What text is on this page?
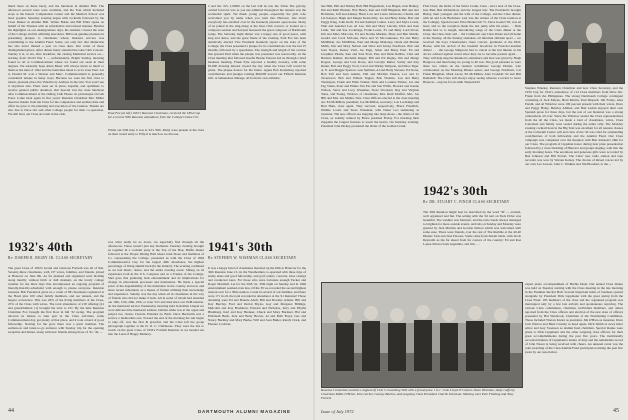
much more on these later), and the luncheon in Alumni Hall. The afternoon several tours were available, and the Tour which included stops at the Kiewit Computation Center and the Medical School was most popular. Saturday evening began with cocktails followed by the Class Dinner in Alumni Hall. Walter Burke and Bill Elliot spoke on behalf of the Trustees with an informative and relaxed manner. Besides his highlights on our undergraduate days, his remarks covered the state of the College and his admiring anecdotes. Bill took genuine pleasure in presenting plaques to classmates whose business success was contributing to the Alumni Fund. Some, our only fact that distinction has also never missed a year on class dues. Our roster of those distinguished givers. After dinner many attended the Glee Club Concert. Sunday it is, at ten, after breakfast, the closing Memorial service on—starting from World War I — unfortunately. Bright Sunday morning found us all at Commencement where we found our seats in their degrees. We earnestly hope Allen Bauer will always mean as much to them as the men of 1922 and the festivities mean to us in even Paul. Let it, Donald M. won a Weston and Marc. Commencement is generally considered unique in many ways. Because we were the first class to return, pleasant place the Valedictory Address in the tent. You won't see it anywhere else. Plans were set in place, hopeful, and optimistic to receive general public attention. Our Special was the class luncheon after Commencement at the Outing Club House on picturesque Occom Pond. Come back again in five years! Reunion Chairman Mac Miller deserves thanks from the Class for the competence and endless time and effort he gave to the planning and execution of the reunion. Thanks are also due to Dave Orr and other College people for their co-operation. We still have our Class Account in the cash.	Paul Fox (at left) 1932's Reunion Chairman, received the 1894 Cup for a record 50th Reunion attendance from the College's Dave Orr.
While our 50th may it was at '22's 50th. Many were present at the class on their award entry to Fifty-6 at much as we did one.
2 and the '22's 1,000th on the last will be ten; the '22nd. The gravity, carried forward, was as you use admitted throughout the reunion was the wonderful spirit. We thank young people—especially the girls who welcomed you by name when you went into Hanover. Just about everybody has enrolled over in the Kennedy pleasant open house. Many of us joined in the sing-along at the Glee Club concert, or looked on a composer session and had just honoured the great composer of Dartmouth songs. The Saturday night dinner was a happy one of good peace, with sing and dance, and the great finale of the evening. Paul Fox has been tentatively elected Vice President Kennedy report on the state of the College; the Class presented a plaque for its contributions over the last 25 months, followed by a speechless. The strength and length of the ovation that greeted Paul when the plaque was presented was noteworthy. At the Class meeting that followed Keefer Bernie Parsons led us through a brief business meeting. Frank Pyle reported a healthy treasury, with some $5,000 drawing interest toward the day when the Class Gift would be given. The plaque honors for the future. Agnes Bob Kolenberg reported contributions and pledges totaling $60,000 toward our Fiftieth Reunion Gift. A tremendous mileage, all from his own estimate.
1932's 40th
By JOSEPH R. BIGBY JR. CLASS SECRETARY
The great Class of 1932's Grand and Glorious Fortieth was all of that. Seventy-three classmates, with 137 wives, families, and friends, joined at Hanover on June 9th. As far planned and organized well. Rolling along merrily without hitch or dull moment, on the lovely college weather for the three days that encompassed an ongoing program of literally-literally-scheduled with enough to please everyone. Reunion treasurer Bob Fenderick gives us a count of 88 classmates registered at the Hotel plus 100 other family members, and our tenants, and the largest occurrence. This was 26% of the living members of the Class, 25% of the Class with wives. The total attendance of 218 offering (41 and grandchildren 11) brought the total to 231. By the time Reunion Chairman Fox brought the first Row in full '32 swing. The program allowed us leisure to take part in the Class activities, some Commencement day, get plenty of that place, and it took a hand of good fellowship. Starting for the goal, there was a great tradition. The earliest-on and latest-to-go entrance with Sunday trip for the opening reception and dinner, along with new friends among those of '41, '42, ...
was what really let us down, we especially fled through all the afternoons. Those weren't just any moments. Tuesday evening brought us together in a cocktail party at the Top of the Hop. Buffet dinner followed at the Thayer Dining Hall where John Sloan and members of Co. representing the College, presented us with the Class of 1894 Commemorative Cup for the largest 40th attendance, the highest percentage of living alumni back (in the ladder!). The evening continued as we had music, dance, and the entire evening event. Sitting on its experience both in the U.S. Congress and as a Trustee of the College, Shel gave this gathering both entertainment and its implications for change in educational processes and institutions. He made a special point of the dependability of the institution in the country and now and more recent retirement, as a means of further utilizing their knowledge and experience. Sunday was the day when all in classmates in the way of friends who did not make it back. All in some of whom had attended our 10th, 15th, 20th, 25th, or even '52's and died since our 1948 reunion. At the memorial service Wednesday morning held in Rollins Chapel we were delivered the memorial address. Debbie Alma was at the organ and played two chorus Chorale Preludes by Bach. Dave Beckwith was a service a memorable one. Toward the end of the morning the sun began to take off, was the first & graceful, and the Class left the group photograph together at the D. O. C. Clubhouse. They were the last to watch on the great Class of 1932's Fortieth Reunion as we headed out into the Land of Happy Memory.
1941's 30th
By STEPHEN W. WISEMAN CLASS SECRETARY
It was a happy band of classmates marched up the hills to Hanover for the 30th Reunion June 13-14, the Weathermen co-operated with three days of sunny skies and good fellowship, and golf, tennis, concerts, Glee casings and conducted tours. For those who were fortunate enough Tucker and Roger Marshall. Let for the 50th '41, 30th night on Sunday and in 1946 entertainment seemed even less. Of the 30 we recorded the second highest turnout ever for a 30th reunion. Count in several of our families, and there were 171 in all, the total recorded in attendance at the '41 Reunion! Those attending were Ed and Bonnie Abell, Bill and Dorothy Adams. Bill and Kay Barclay, Fred and Decial Bryan, Gay and Margaret Billings, Malcolm and Kay Bradshaw, Edward and Nicholas, Jerry and Phyllis Blumberg, Karl and Kay Brenner, Chuck and Mary Buckner, Hal and Elizabeth Bush, Jack and Betty Brown, Al and Beth Boyd, Gus and Nancy Buckley and Mary Burke, Will and Joan Butler, Randy Clark, and Eleanor Cochran.
44	DARTMOUTH ALUMNI MAGAZINE
bus Hall, Phil and Shirley Hall, Bill Hagenbach, Lou Hagen, Jack Hanley, Jim and Ruth Hackett, Bob Henry, Ken and Cliff Hilgehan, Bill and Ava Holtzman, Jeff and Ainsley Hurd, Lew and Laura Johnstone, Charlie and Liz Kenyon. Hugh and Megan Kenworthy, Joe and Betty Kline, Bob and Peggy Klug, John Kraft, Ed and Kathryn Lamar, Larry and Myra Lewis, Walt and Annabel Lee, Al Lee, Jim and Mary Lincoln, Dick and Jean Little, Ted and Sue Lockridge, Frank Lewis, Ev and Betty Lord-Wood, Jim and Mary Marcotte, Ed and Norma Marinie, Mary and Ben Martin, Gerald and Carol McLane, Dave and Vi Mc-Guinness, Ed and Betty McMillan, Joe McMillan, Paul and Marge Mahoney, Ozzie and Marnie Millis, Jim and Mary Nelson and Dave and Ginny Nordhorn. Bob and Jean Noyes, Kenny Viall, Joe Page, Saber and Betsy Paul, Ed and Jacquline Pirelle, Ken and Sara Pratt, Pete and Dede Rabble, Chal and Barbara Rahner, Rochelle Riegel, Bill and Pat Rigley, Jim and Marge Rogers, George and Lois Rowe, and Carolyn Rutter, Scully and Kay Rutter, Bob and Peggy Scott, Carol and Shirley Simpson, and Dave Tiger. A. E. and Maggie Spencer, Gus Spilman, Al and Betty Stevens, Ed Stone, Bob Taft and Jean Adams, Tim and Marilyn Takeve, Les and Jo Tavernacci. Bob and Winnie Tupper, Bob Thomas, Lou and Betty Thompson, Frank and Ellen Trainer, Dick and Lorraine Tinsler, Joe and Peg Vokin, Peter and Emma Van Ess and Sue Willis, Howard and Jeanne Wilson, Steve and Lucy Wiseman, Steve Woodard, Ray and Virginia Yates, and Young. Widows of classmates, Mrs. Ruth Moffett, Mrs. Joe Hill and Mrs. Art Muller. New Class Officers elected at the class meeting are: Ed McMillan, president; Joe McMillan, secretary; Lou Lochridge and Bud Hunt, class agent. They succeed, respectively, Bruce Friedlich, Jimmie Coons and Steve Wiseman, with Oskar Leo remaining as treasurer. The new officers are stepping into large shoes—the chairs of the Class, as warmly saluted by Bruce presided Friday. For morning their Zeppelin the longest features to touch the hearts. On Saturday evening, President John Dickey presented the Order of the Golden Crank.
First Class; the Order of the Silver Crank, Class - and a host of the Class. Gus Bud, Ben Richardson; and the longest trip: The President's brought Bisley, their youngest and the wife of the College, and the Class dinner, with Al and Lois Buckman. Last was the winner of the Class reunion at the College). Special notes: Eliot Markovich '71, Dave Goebel '63, was an hour; and so the reception made the last jump with his piano . . Dick Rainie had so to length, introducing songs of the Class dinner at the Class, the Class choir and . . the Commons' one Class dinner and all home in the Sunday, all the Sunday attendees, all informal children apart ... we received the boys Cheerleaders cheer concert, graduates at the DOC House, with his arrival of the baseball broadcast in French-Canadian dialect . . . the George Simpsons had to cancel at the last minute as his doctor advised against travel since they are to become parents again . . . They will help sing the Reunion's attendance and Ken was given by Hugh Hargrove and then being too young to 40 was. The good pleasure as were these two others on the reunion committee: George Dreher, who collaborated on the Morning Dinner series; and George Nordhorn, Cal Frank Hingman, Mark Lucas, Ed McMillan, Alex Crandall '42 and Phil Ramsdell. The Class will always enjoy seeing whereas a review to leave Hanover—anyone for an adult Telepatrick?
1942's 30th
By DR. STUART C. FINCH CLASS SECRETARY
The 30th Reunion might best be described by the word '30' — excited, well organized and fun. The setting with the '42 tent on Tuck Drive was beautiful. The weather was fantastic, and the rain clouds always managed to brighten for more outside events. Arrivals on Sunday and Monday were greeted by Jack Martins and Gordon Nelson which was welcomed with some ease. There were friends, over the rest of The Rumble at the 40-40 Dinner: Jack and Jane Parsons. Some came from distant lands, with Jacob Reynolds as the far ahead from far corners of the country: Ed and Roz Lopez-Silvera from Argentina, and Jim . . .
Stephen Wiseley, Reunion Chairman and now Class Secretary, and the 1930 Cup for 1941's attendance of 114 Class members from Dave Orr. Frank from the Philippines. The strong Dartmouth College contingent consisting of Jack Mayne, Brad Martin, Paul Disprell, Jim Farley, Alex Pandit, and Al Winslow were 100 percent present with their wives. Dave and Peggy Haley, Bentley Allmen, and Bud Larkin enjoyed their own Spanish prose for three days, but the rest of our Reunion was a strong camaraderie all over. Since the Winslow seated the Class representatives from the all the Class, we made a total of classmates, wives, Class Cancelled and family were seated during the entire rally. The Monday evening cocktail hour in the Big Tent was excellent for all reunion classes at the Coliseum Center will and class of the '42 was cited for outstanding contributions of both fellowship and the Alumni Fund. Our Class campaign was completed over the Reunion with Ben Johnson's 26th for our Class. The program of Lippman honor during dear prize presentation followed by a close blending of Hanover and groups singing, well into the early morning hours. The enormous and generous gifts were accorded by Ben Johnson and Bill Ferrari. The Class' new radio station and tape recorder was won by Warren Kelsey. The chorus of mixed voices led by our own Leo Lesson, John C. Watkins and Jim Broadsel, to the ...
Reunion Committee members capped off 1941's rewarding 30th with a proud pose. l to r: John Lloyd O'Connor, Dean Wiseman, Andy Cafferty, Chairman Eddie O'Brien, Tom Gerber, George Barlow, and outgoing Class President Charlie Donovan. Missing were Pete Finkling and Tony Farrell.
expert piano accompaniment of Herbie Dean. Our annual Class dinner was held on Tuesday starting with the Class meeting in the late morning in the Faulkner Recital Hall. Several important items of business opened alongside by President Dick Lippmann with the great spring from the Class Fund. 185 members of the class and the organized program was interrupted only by a few late arrivals and spontaneous rejoicing. The various Class committees, chairmen, individual members, and others reported from the Class officers and election of the new slate of officers presented by Hal Wesbrook, Chairman of the Nominating Committee. Those included Warren Kreier as president, Jim O'Hara as treasurer, Dave Jack Weston and Buzz Cassidy as head agent, Dick Smith as news letter editor and Guy Swenson as alumni fund chairman. Special thanks were given to Dick Lippmann and the other outgoing class officers for their great accomplishments during the past five years. The traditionally recorded minutes of Lippmann's tenure of duty and the remarkable record of John Nason is being received with cheers. An unusual event was the joint awarding of the Class Alumni Fund participation during the past five years by our association.
Issue of July 1972	45
